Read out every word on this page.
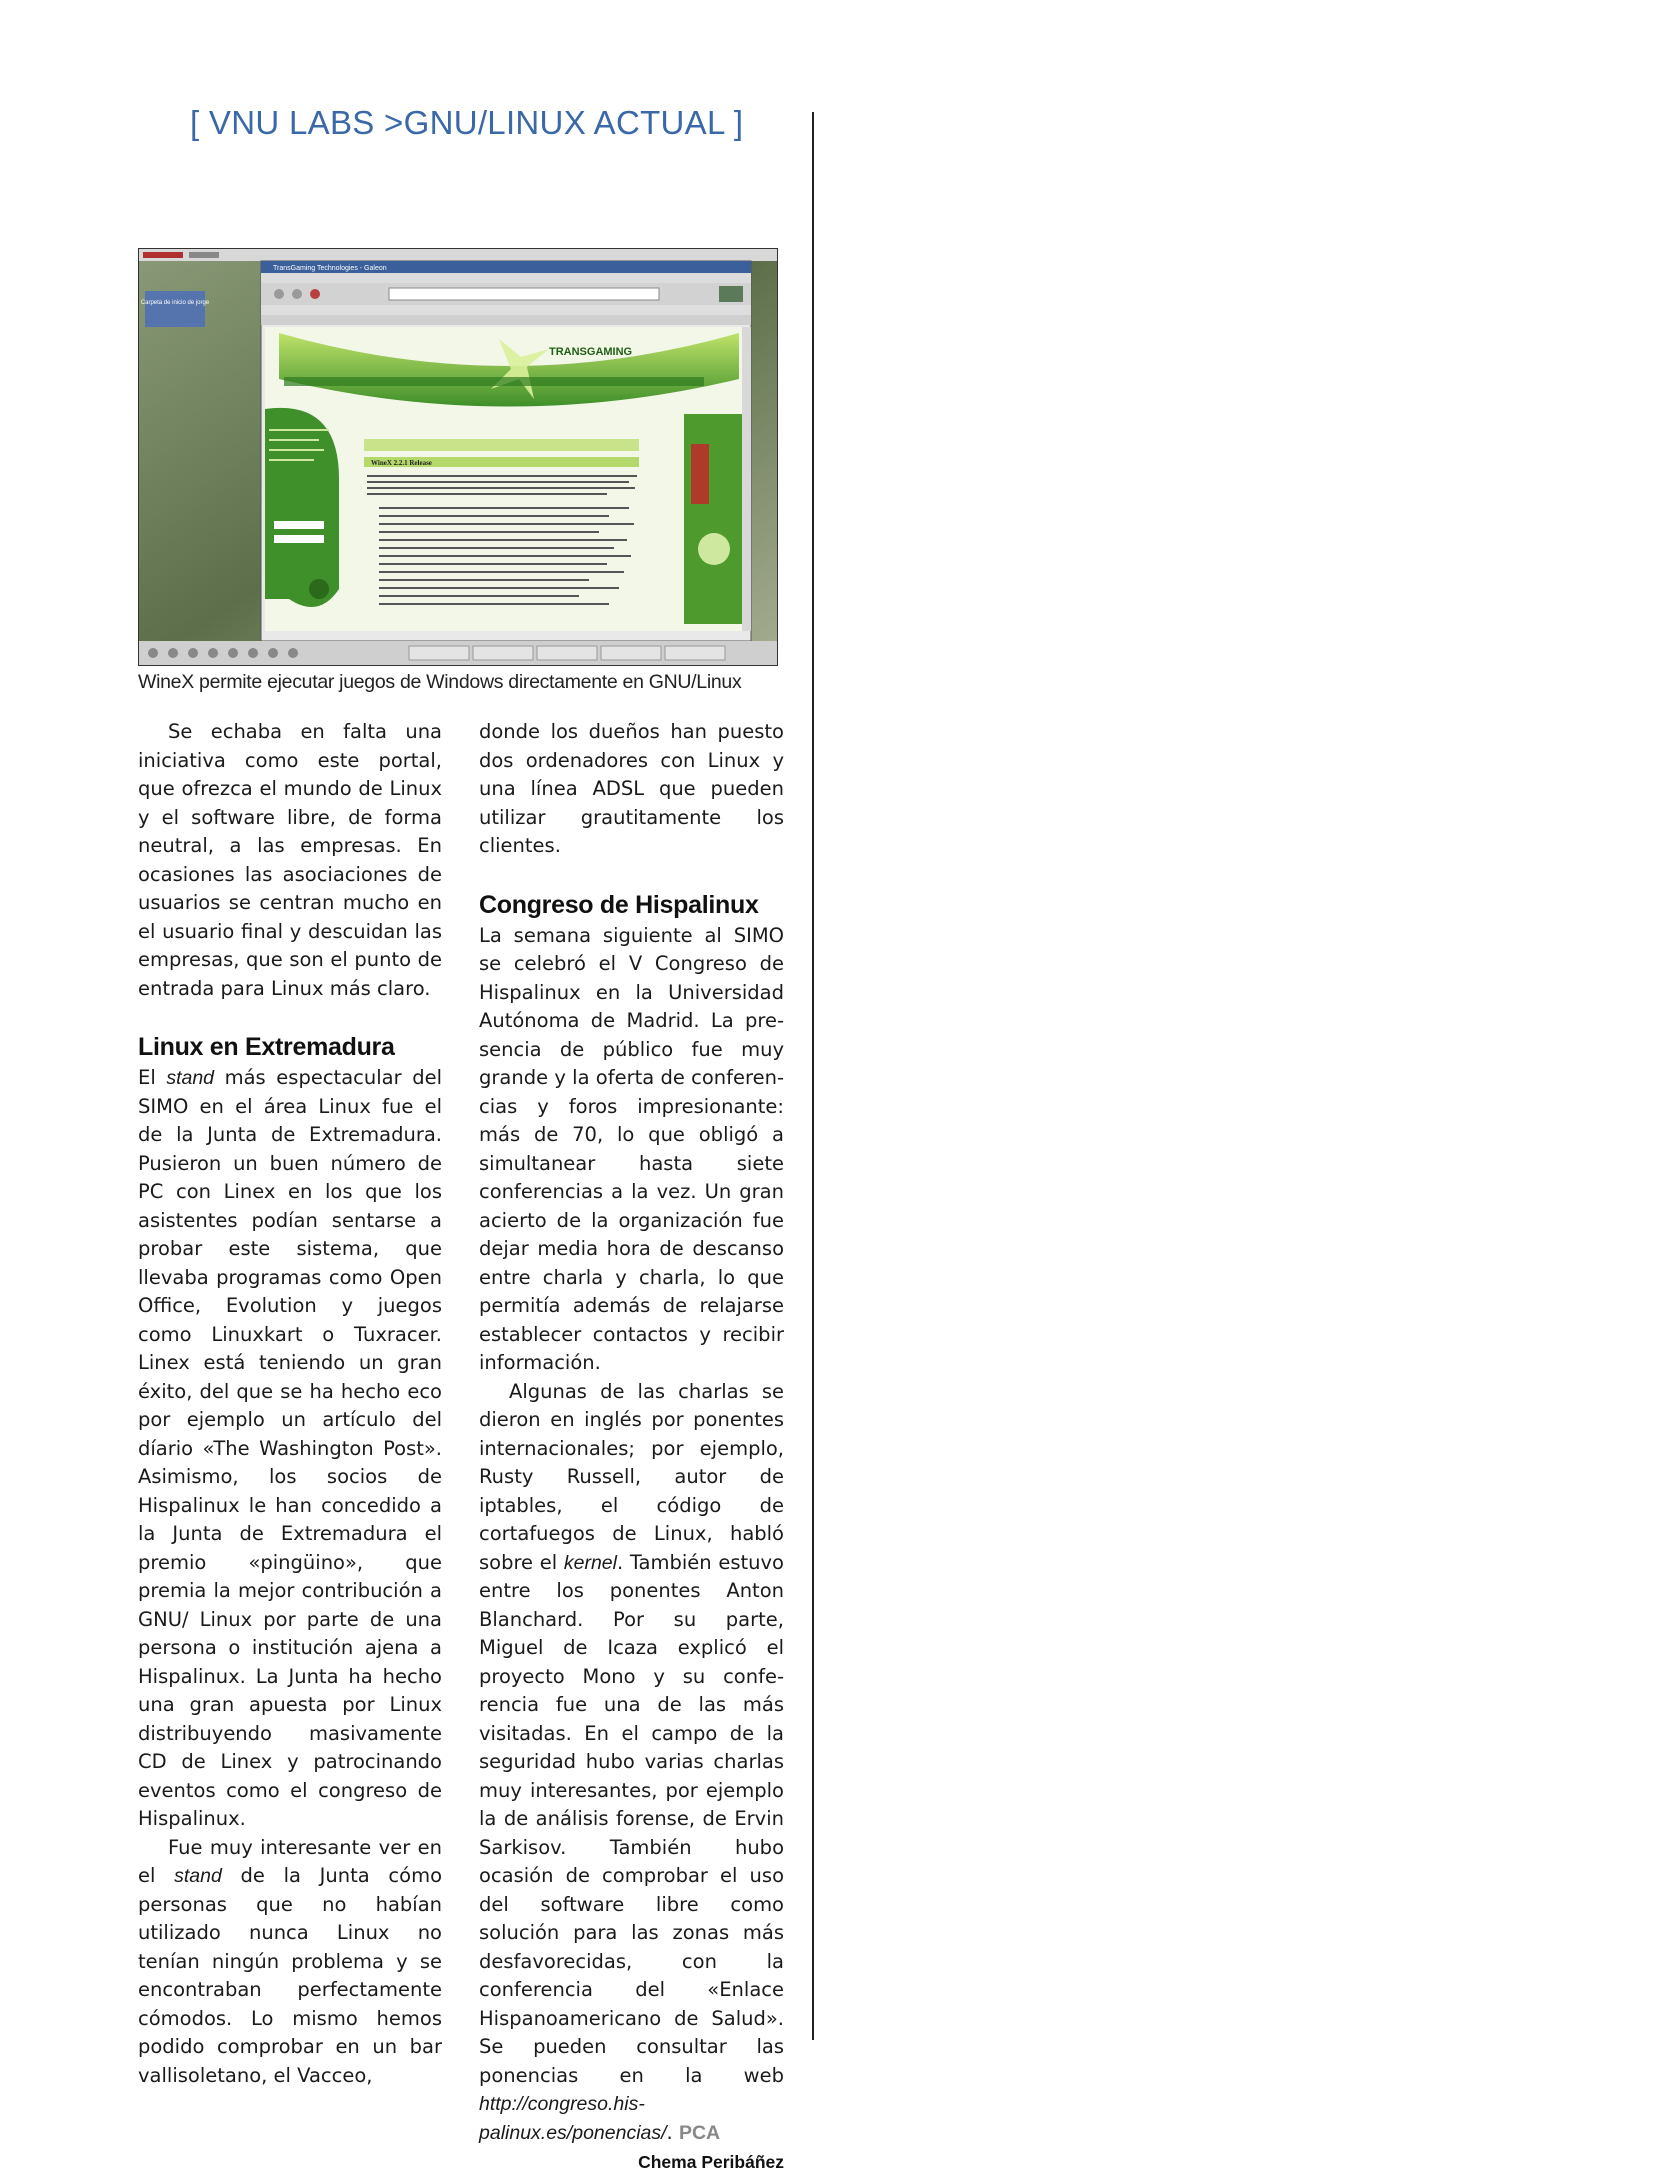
[ VNU LABS >GNU/LINUX ACTUAL ]
Carpeta de inicio de jorge
TransGaming Technologies - Galeon
TRANSGAMING
WineX 2.2.1 Release
WineX permite ejecutar juegos de Windows directamente en GNU/Linux

Se echaba en falta una iniciativa como este portal, que ofrezca el mundo de Linux y el software libre, de forma neutral, a las empresas. En ocasiones las asociaciones de usuarios se centran mucho en el usuario final y descuidan las empresas, que son el punto de entrada para Linux más claro.

Linux en Extremadura

El stand más espectacular del SIMO en el área Linux fue el de la Junta de Extremadura. Pusieron un buen número de PC con Linex en los que los asistentes podían sentarse a probar este sistema, que llevaba programas como Open Office, Evolution y juegos como Linuxkart o Tuxracer. Linex está teniendo un gran éxito, del que se ha hecho eco por ejemplo un artículo del díario «The Washington Post». Asimismo, los socios de Hispalinux le han concedido a la Junta de Extremadura el premio «pingüino», que premia la mejor contribución a GNU/ Linux por parte de una persona o institución ajena a Hispalinux. La Junta ha hecho una gran apuesta por Linux distribuyendo masivamente CD de Linex y patrocinando eventos como el congreso de Hispalinux.

Fue muy interesante ver en el stand de la Junta cómo personas que no habían utilizado nunca Linux no tenían ningún problema y se encontraban perfectamente cómodos. Lo mismo hemos podido comprobar en un bar vallisoletano, el Vacceo,

donde los dueños han puesto dos ordenadores con Linux y una línea ADSL que pueden utilizar grautitamente los clientes.

Congreso de Hispalinux

La semana siguiente al SIMO se celebró el V Congreso de Hispalinux en la Universidad Autónoma de Madrid. La presencia de público fue muy grande y la oferta de conferencias y foros impresionante: más de 70, lo que obligó a simultanear hasta siete conferencias a la vez. Un gran acierto de la organización fue dejar media hora de descanso entre charla y charla, lo que permitía además de relajarse establecer contactos y recibir información.

Algunas de las charlas se dieron en inglés por ponentes internacionales; por ejemplo, Rusty Russell, autor de iptables, el código de cortafuegos de Linux, habló sobre el kernel. También estuvo entre los ponentes Anton Blanchard. Por su parte, Miguel de Icaza explicó el proyecto Mono y su conferencia fue una de las más visitadas. En el campo de la seguridad hubo varias charlas muy interesantes, por ejemplo la de análisis forense, de Ervin Sarkisov. También hubo ocasión de comprobar el uso del software libre como solución para las zonas más desfavorecidas, con la conferencia del «Enlace Hispanoamericano de Salud». Se pueden consultar las ponencias en la web http://congreso.hispalinux.es/ponencias/. PCA

Chema Peribáñez
